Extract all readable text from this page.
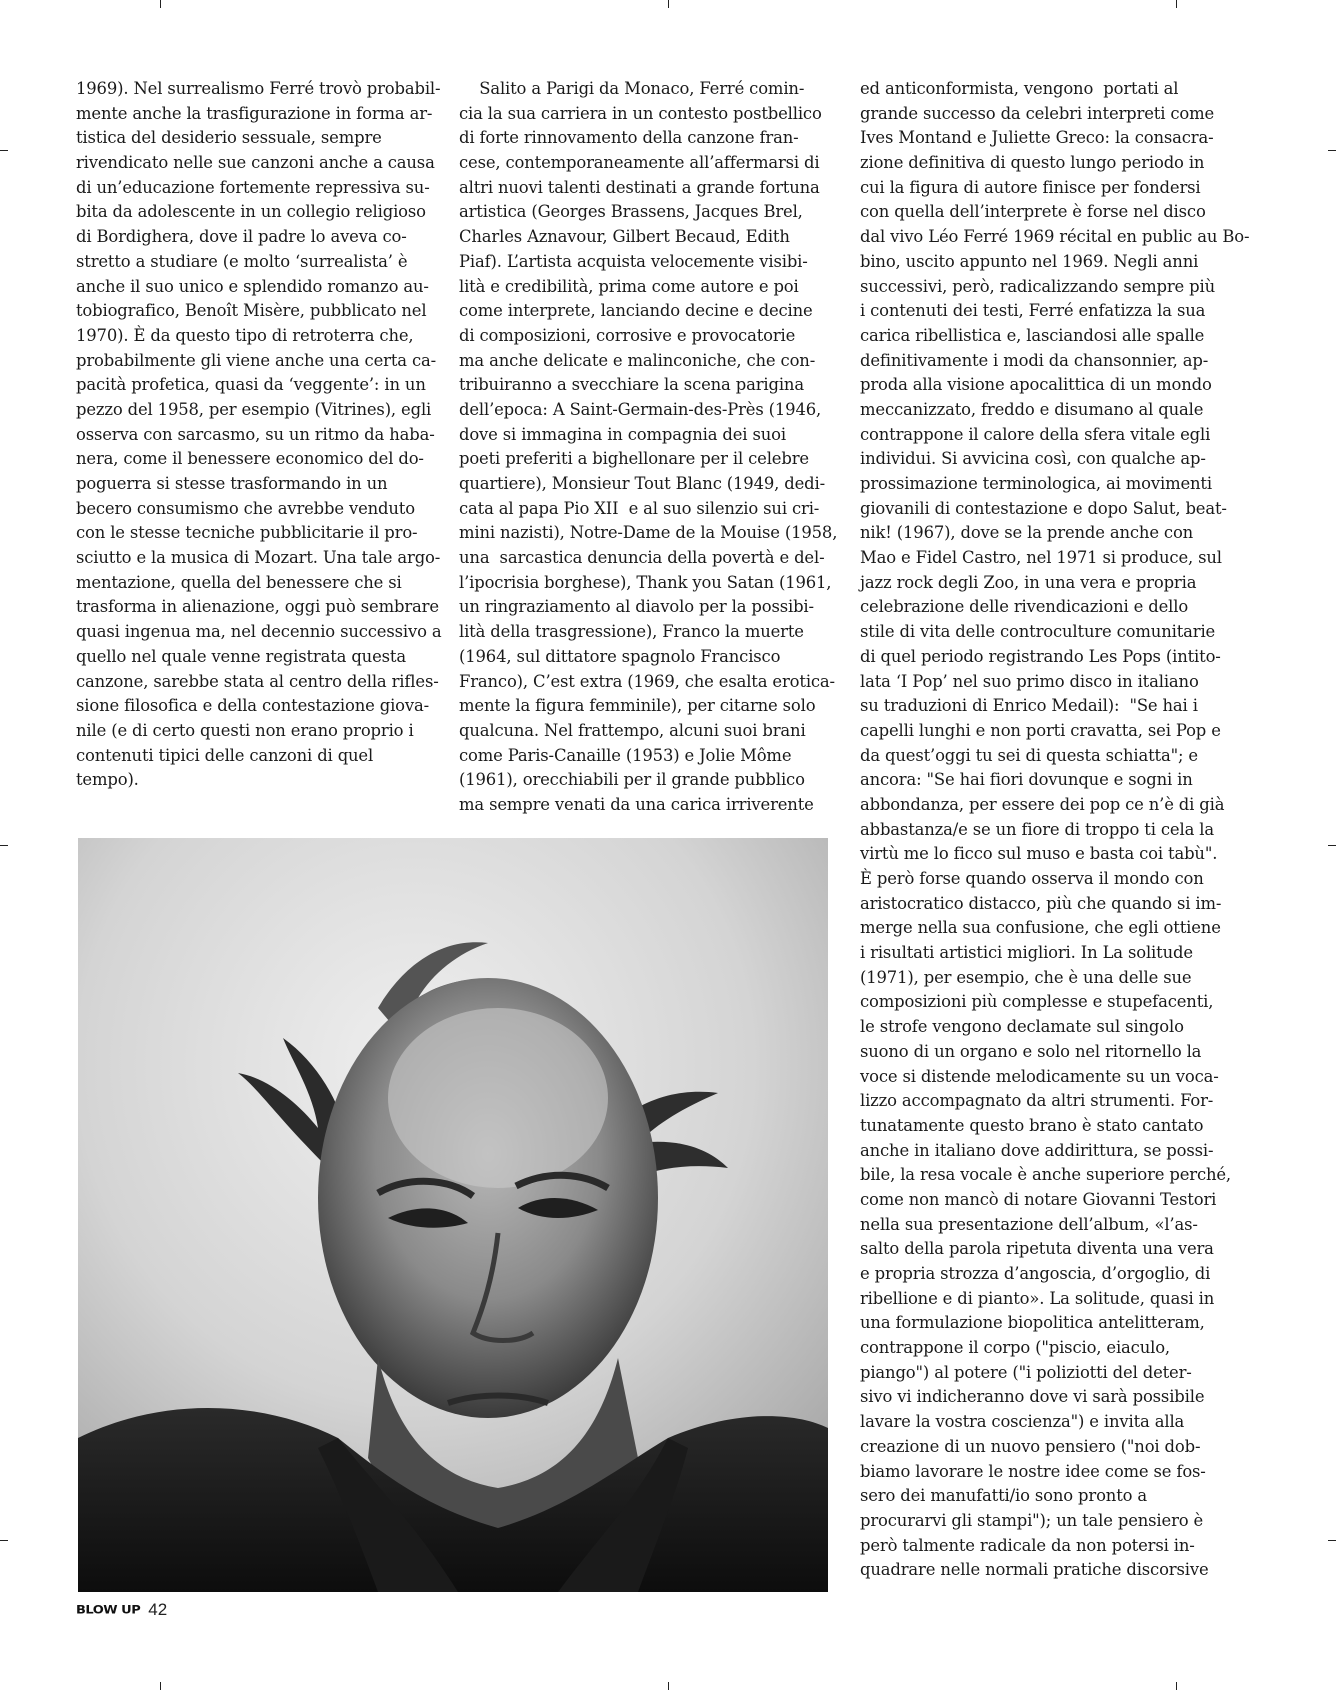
1969). Nel surrealismo Ferré trovò probabil-
mente anche la trasfigurazione in forma ar-
tistica del desiderio sessuale, sempre
rivendicato nelle sue canzoni anche a causa
di un’educazione fortemente repressiva su-
bita da adolescente in un collegio religioso
di Bordighera, dove il padre lo aveva co-
stretto a studiare (e molto ‘surrealista’ è
anche il suo unico e splendido romanzo au-
tobiografico, Benoît Misère, pubblicato nel
1970). È da questo tipo di retroterra che,
probabilmente gli viene anche una certa ca-
pacità profetica, quasi da ‘veggente’: in un
pezzo del 1958, per esempio (Vitrines), egli
osserva con sarcasmo, su un ritmo da haba-
nera, come il benessere economico del do-
poguerra si stesse trasformando in un
becero consumismo che avrebbe venduto
con le stesse tecniche pubblicitarie il pro-
sciutto e la musica di Mozart. Una tale argo-
mentazione, quella del benessere che si
trasforma in alienazione, oggi può sembrare
quasi ingenua ma, nel decennio successivo a
quello nel quale venne registrata questa
canzone, sarebbe stata al centro della rifles-
sione filosofica e della contestazione giova-
nile (e di certo questi non erano proprio i
contenuti tipici delle canzoni di quel
tempo).
Salito a Parigi da Monaco, Ferré comin-
cia la sua carriera in un contesto postbellico
di forte rinnovamento della canzone fran-
cese, contemporaneamente all’affermarsi di
altri nuovi talenti destinati a grande fortuna
artistica (Georges Brassens, Jacques Brel,
Charles Aznavour, Gilbert Becaud, Edith
Piaf). L’artista acquista velocemente visibi-
lità e credibilità, prima come autore e poi
come interprete, lanciando decine e decine
di composizioni, corrosive e provocatorie
ma anche delicate e malinconiche, che con-
tribuiranno a svecchiare la scena parigina
dell’epoca: A Saint-Germain-des-Près (1946,
dove si immagina in compagnia dei suoi
poeti preferiti a bighellonare per il celebre
quartiere), Monsieur Tout Blanc (1949, dedi-
cata al papa Pio XII  e al suo silenzio sui cri-
mini nazisti), Notre-Dame de la Mouise (1958,
una  sarcastica denuncia della povertà e del-
l’ipocrisia borghese), Thank you Satan (1961,
un ringraziamento al diavolo per la possibi-
lità della trasgressione), Franco la muerte
(1964, sul dittatore spagnolo Francisco
Franco), C’est extra (1969, che esalta erotica-
mente la figura femminile), per citarne solo
qualcuna. Nel frattempo, alcuni suoi brani
come Paris-Canaille (1953) e Jolie Môme
(1961), orecchiabili per il grande pubblico
ma sempre venati da una carica irriverente
ed anticonformista, vengono  portati al
grande successo da celebri interpreti come
Ives Montand e Juliette Greco: la consacra-
zione definitiva di questo lungo periodo in
cui la figura di autore finisce per fondersi
con quella dell’interprete è forse nel disco
dal vivo Léo Ferré 1969 récital en public au Bo-
bino, uscito appunto nel 1969. Negli anni
successivi, però, radicalizzando sempre più
i contenuti dei testi, Ferré enfatizza la sua
carica ribellistica e, lasciandosi alle spalle
definitivamente i modi da chansonnier, ap-
proda alla visione apocalittica di un mondo
meccanizzato, freddo e disumano al quale
contrappone il calore della sfera vitale egli
individui. Si avvicina così, con qualche ap-
prossimazione terminologica, ai movimenti
giovanili di contestazione e dopo Salut, beat-
nik! (1967), dove se la prende anche con
Mao e Fidel Castro, nel 1971 si produce, sul
jazz rock degli Zoo, in una vera e propria
celebrazione delle rivendicazioni e dello
stile di vita delle controculture comunitarie
di quel periodo registrando Les Pops (intito-
lata ‘I Pop’ nel suo primo disco in italiano
su traduzioni di Enrico Medail):  "Se hai i
capelli lunghi e non porti cravatta, sei Pop e
da quest’oggi tu sei di questa schiatta"; e
ancora: "Se hai fiori dovunque e sogni in
abbondanza, per essere dei pop ce n’è di già
abbastanza/e se un fiore di troppo ti cela la
virtù me lo ficco sul muso e basta coi tabù".
È però forse quando osserva il mondo con
aristocratico distacco, più che quando si im-
merge nella sua confusione, che egli ottiene
i risultati artistici migliori. In La solitude
(1971), per esempio, che è una delle sue
composizioni più complesse e stupefacenti,
le strofe vengono declamate sul singolo
suono di un organo e solo nel ritornello la
voce si distende melodicamente su un voca-
lizzo accompagnato da altri strumenti. For-
tunatamente questo brano è stato cantato
anche in italiano dove addirittura, se possi-
bile, la resa vocale è anche superiore perché,
come non mancò di notare Giovanni Testori
nella sua presentazione dell’album, «l’as-
salto della parola ripetuta diventa una vera
e propria strozza d’angoscia, d’orgoglio, di
ribellione e di pianto». La solitude, quasi in
una formulazione biopolitica antelitteram,
contrappone il corpo ("piscio, eiaculo,
piango") al potere ("i poliziotti del deter-
sivo vi indicheranno dove vi sarà possibile
lavare la vostra coscienza") e invita alla
creazione di un nuovo pensiero ("noi dob-
biamo lavorare le nostre idee come se fos-
sero dei manufatti/io sono pronto a
procurarvi gli stampi"); un tale pensiero è
però talmente radicale da non potersi in-
quadrare nelle normali pratiche discorsive
BLOW UP 42
